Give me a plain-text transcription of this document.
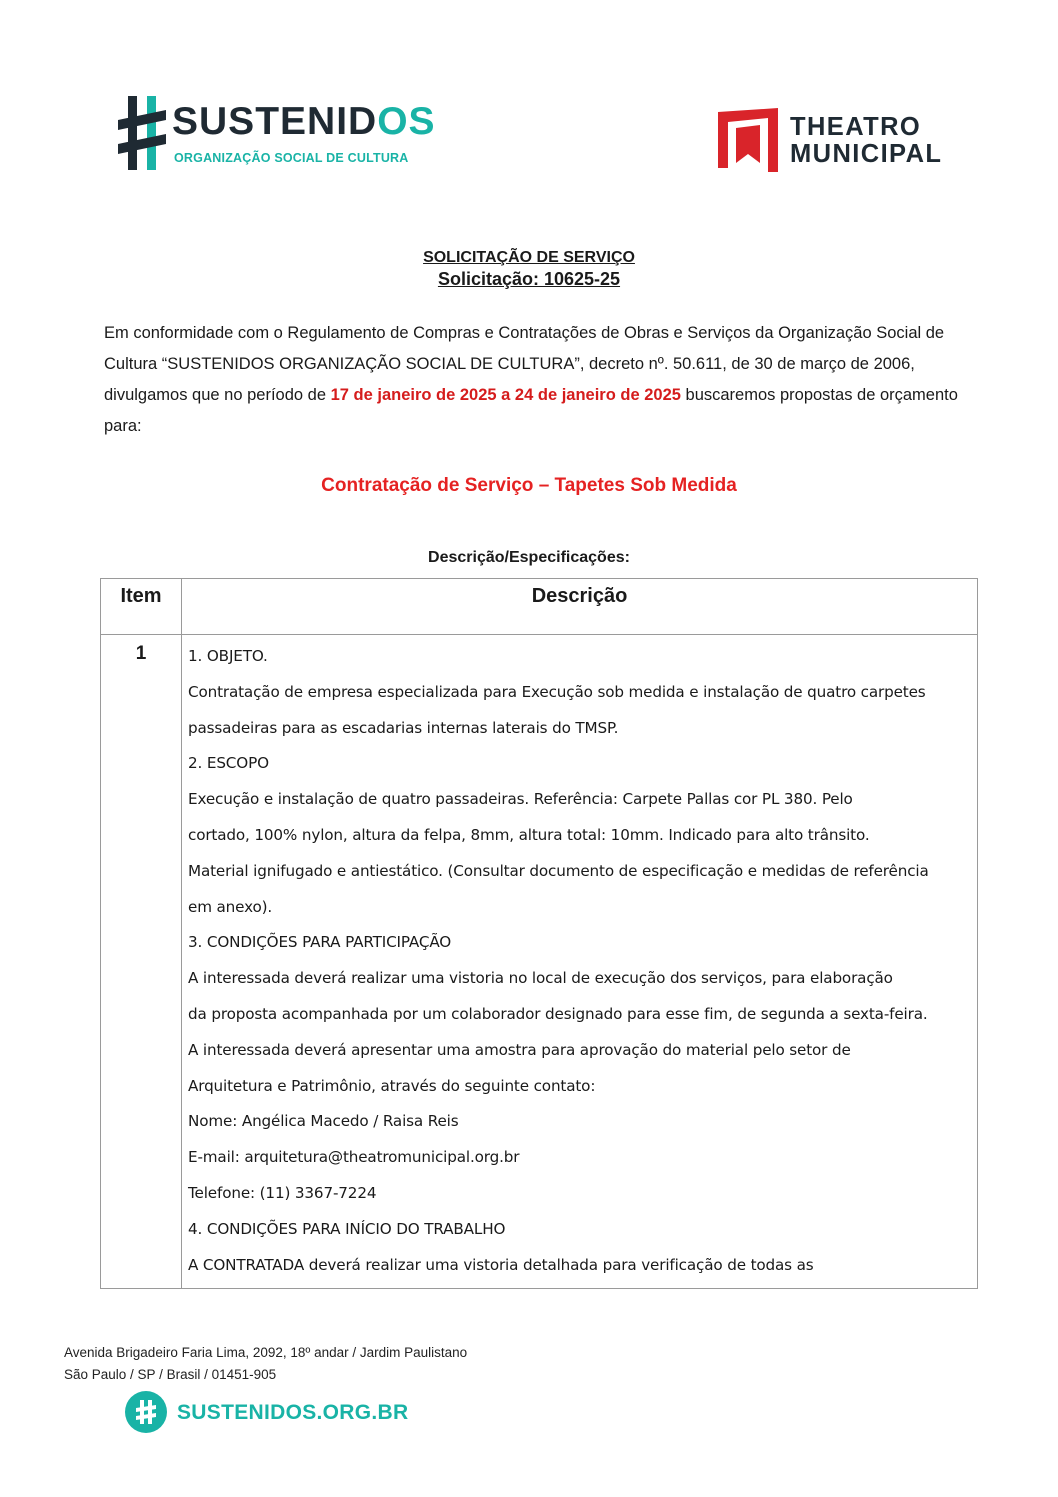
SUSTENIDOS
ORGANIZAÇÃO SOCIAL DE CULTURA
THEATRO
MUNICIPAL
SOLICITAÇÃO DE SERVIÇO
Solicitação: 10625-25
Em conformidade com o Regulamento de Compras e Contratações de Obras e Serviços da Organização Social de Cultura “SUSTENIDOS ORGANIZAÇÃO SOCIAL DE CULTURA”, decreto nº. 50.611, de 30 de março de 2006, divulgamos que no período de 17 de janeiro de 2025 a 24 de janeiro de 2025 buscaremos propostas de orçamento para:
Contratação de Serviço – Tapetes Sob Medida
Descrição/Especificações:
Item	Descrição
1	1. OBJETO.
Contratação de empresa especializada para Execução sob medida e instalação de quatro carpetes
passadeiras para as escadarias internas laterais do TMSP.
2. ESCOPO
Execução e instalação de quatro passadeiras. Referência: Carpete Pallas cor PL 380. Pelo
cortado, 100% nylon, altura da felpa, 8mm, altura total: 10mm. Indicado para alto trânsito.
Material ignifugado e antiestático. (Consultar documento de especificação e medidas de referência
em anexo).
3. CONDIÇÕES PARA PARTICIPAÇÃO
A interessada deverá realizar uma vistoria no local de execução dos serviços, para elaboração
da proposta acompanhada por um colaborador designado para esse fim, de segunda a sexta-feira.
A interessada deverá apresentar uma amostra para aprovação do material pelo setor de
Arquitetura e Patrimônio, através do seguinte contato:
Nome: Angélica Macedo / Raisa Reis
E-mail: arquitetura@theatromunicipal.org.br
Telefone: (11) 3367-7224
4. CONDIÇÕES PARA INÍCIO DO TRABALHO
A CONTRATADA deverá realizar uma vistoria detalhada para verificação de todas as
Avenida Brigadeiro Faria Lima, 2092, 18º andar / Jardim Paulistano
São Paulo / SP / Brasil / 01451-905
SUSTENIDOS.ORG.BR
